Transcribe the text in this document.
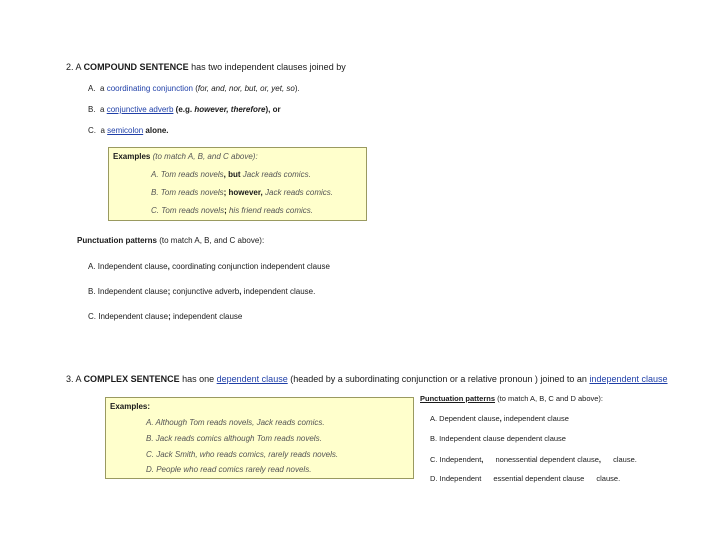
2. A COMPOUND SENTENCE has two independent clauses joined by
A. a coordinating conjunction (for, and, nor, but, or, yet, so).
B. a conjunctive adverb (e.g. however, therefore), or
C. a semicolon alone.
Examples (to match A, B, and C above):
A. Tom reads novels, but Jack reads comics.
B. Tom reads novels; however, Jack reads comics.
C. Tom reads novels; his friend reads comics.
Punctuation patterns (to match A, B, and C above):
A. Independent clause, coordinating conjunction independent clause
B. Independent clause; conjunctive adverb, independent clause.
C. Independent clause; independent clause
3. A COMPLEX SENTENCE has one dependent clause (headed by a subordinating conjunction or a relative pronoun ) joined to an independent clause
Examples:
A. Although Tom reads novels, Jack reads comics.
B. Jack reads comics although Tom reads novels.
C. Jack Smith, who reads comics, rarely reads novels.
D. People who read comics rarely read novels.
Punctuation patterns (to match A, B, C and D above):
A. Dependent clause, independent clause
B. Independent clause dependent clause
C. Independent, nonessential dependent clause, clause.
D. Independent essential dependent clause clause.
